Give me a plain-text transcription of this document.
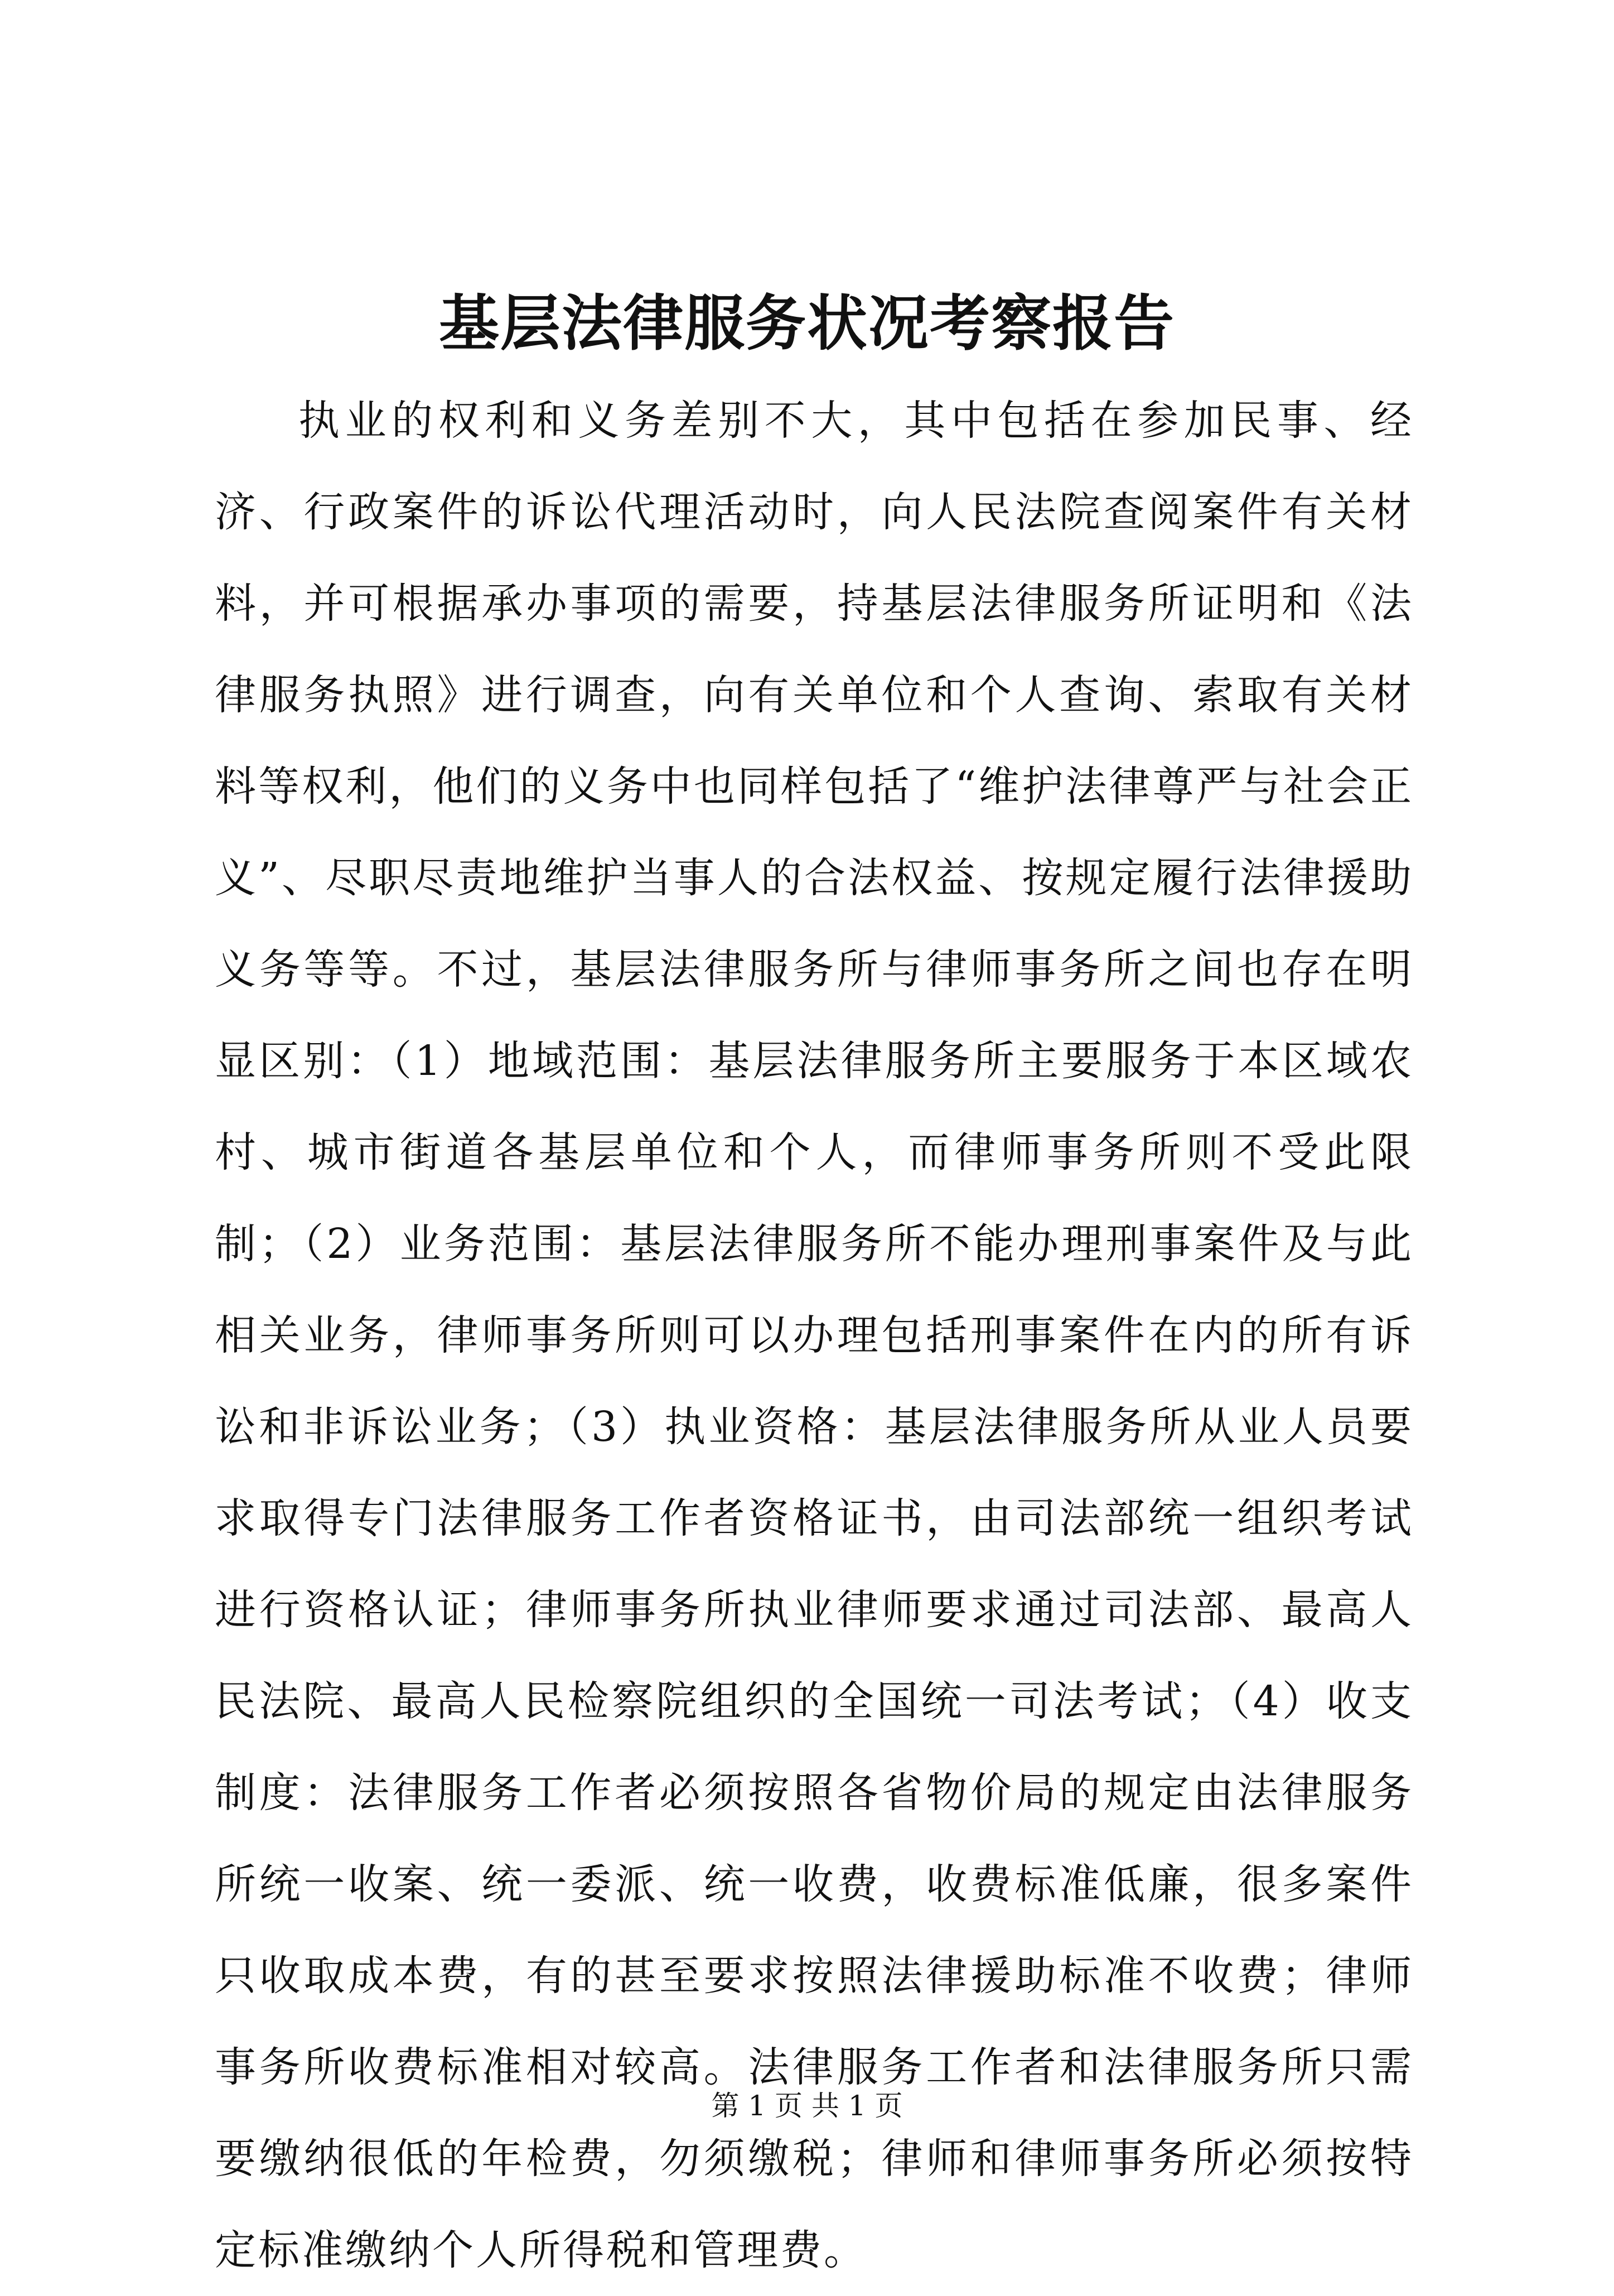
基层法律服务状况考察报告

执业的权利和义务差别不大，其中包括在参加民事、经济、行政案件的诉讼代理活动时，向人民法院查阅案件有关材料，并可根据承办事项的需要，持基层法律服务所证明和《法律服务执照》进行调查，向有关单位和个人查询、索取有关材料等权利，他们的义务中也同样包括了“维护法律尊严与社会正义”、尽职尽责地维护当事人的合法权益、按规定履行法律援助义务等等。不过，基层法律服务所与律师事务所之间也存在明显区别：（1）地域范围：基层法律服务所主要服务于本区域农村、城市街道各基层单位和个人，而律师事务所则不受此限制；（2）业务范围：基层法律服务所不能办理刑事案件及与此相关业务，律师事务所则可以办理包括刑事案件在内的所有诉讼和非诉讼业务；（3）执业资格：基层法律服务所从业人员要求取得专门法律服务工作者资格证书，由司法部统一组织考试进行资格认证；律师事务所执业律师要求通过司法部、最高人民法院、最高人民检察院组织的全国统一司法考试；（4）收支制度：法律服务工作者必须按照各省物价局的规定由法律服务所统一收案、统一委派、统一收费，收费标准低廉，很多案件只收取成本费，有的甚至要求按照法律援助标准不收费；律师事务所收费标准相对较高。法律服务工作者和法律服务所只需要缴纳很低的年检费，勿须缴税；律师和律师事务所必须按特定标准缴纳个人所得税和管理费。

第 1 页 共 1 页
